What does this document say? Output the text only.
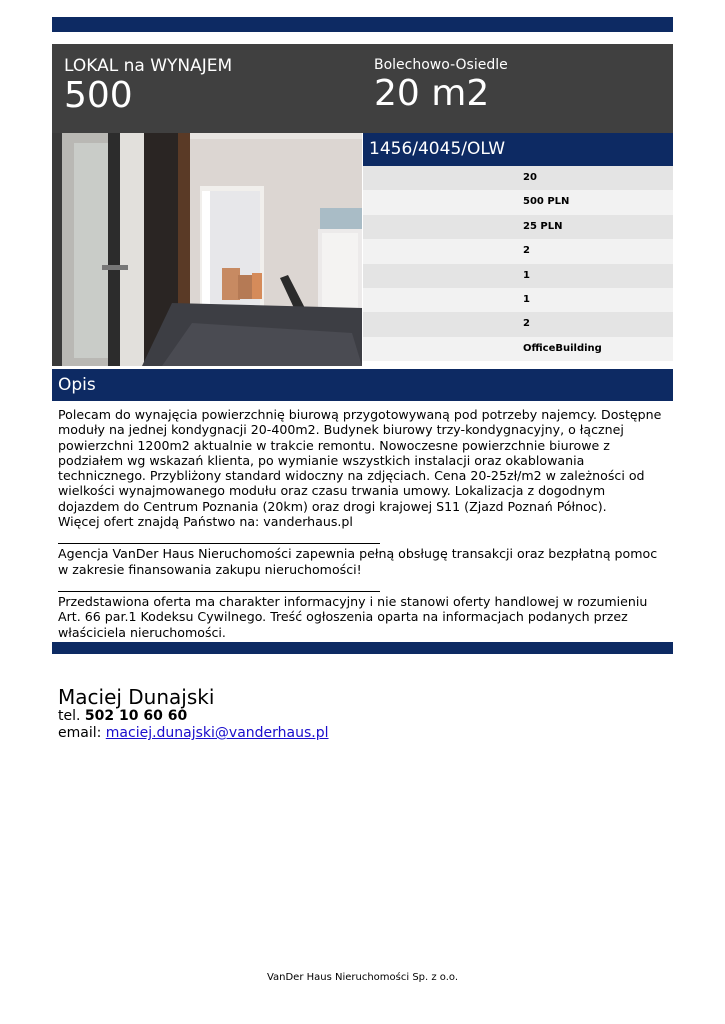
LOKAL na WYNAJEM
500
Bolechowo-Osiedle
20 m2
1456/4045/OLW
20
500 PLN
25 PLN
2
1
1
2
OfficeBuilding
Opis

Polecam do wynajęcia powierzchnię biurową przygotowywaną pod potrzeby najemcy. Dostępne moduły na jednej kondygnacji 20-400m2. Budynek biurowy trzy-kondygnacyjny, o łącznej powierzchni 1200m2 aktualnie w trakcie remontu. Nowoczesne powierzchnie biurowe z podziałem wg wskazań klienta, po wymianie wszystkich instalacji oraz okablowania technicznego. Przybliżony standard widoczny na zdjęciach. Cena 20-25zł/m2 w zależności od wielkości wynajmowanego modułu oraz czasu trwania umowy. Lokalizacja z dogodnym dojazdem do Centrum Poznania (20km) oraz drogi krajowej S11 (Zjazd Poznań Północ).

Więcej ofert znajdą Państwo na: vanderhaus.pl

Agencja VanDer Haus Nieruchomości zapewnia pełną obsługę transakcji oraz bezpłatną pomoc w zakresie finansowania zakupu nieruchomości!

Przedstawiona oferta ma charakter informacyjny i nie stanowi oferty handlowej w rozumieniu Art. 66 par.1 Kodeksu Cywilnego. Treść ogłoszenia oparta na informacjach podanych przez właściciela nieruchomości.

Maciej Dunajski
tel. 502 10 60 60
email: maciej.dunajski@vanderhaus.pl
VanDer Haus Nieruchomości Sp. z o.o.
